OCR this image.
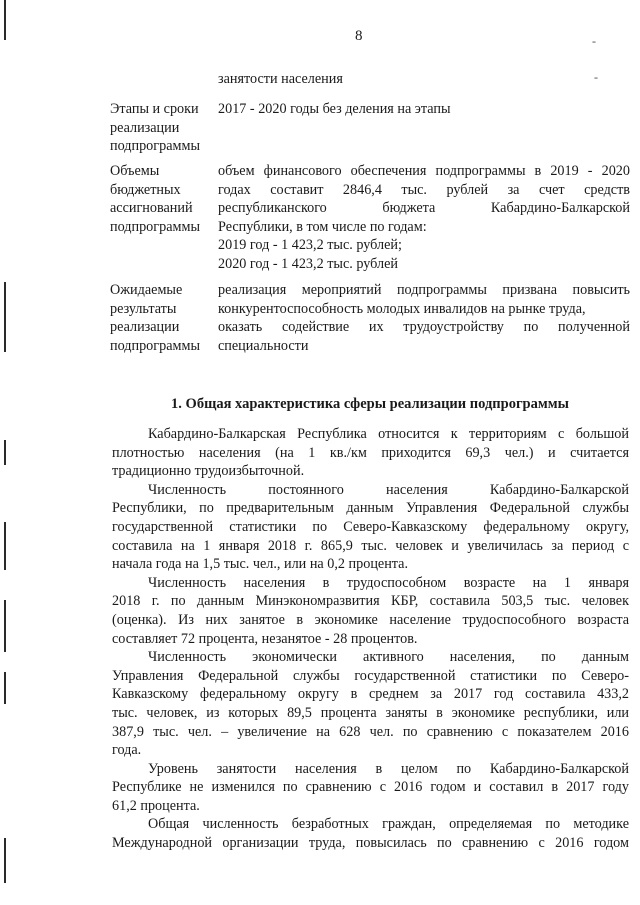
8	-
-
занятости населения
Этапы и сроки
реализации
подпрограммы
2017 - 2020 годы без деления на этапы
Объемы
бюджетных
ассигнований
подпрограммы
объем финансового обеспечения подпрограммы в 2019 - 2020
годах составит 2846,4 тыс. рублей за счет средств
республиканского бюджета Кабардино-Балкарской
Республики, в том числе по годам:
2019 год - 1 423,2 тыс. рублей;
2020 год - 1 423,2 тыс. рублей
Ожидаемые
результаты
реализации
подпрограммы
реализация мероприятий подпрограммы призвана повысить
конкурентоспособность молодых инвалидов на рынке труда,
оказать содействие их трудоустройству по полученной
специальности
1. Общая характеристика сферы реализации подпрограммы
Кабардино-Балкарская Республика относится к территориям с большой
плотностью населения (на 1 кв./км приходится 69,3 чел.) и считается
традиционно трудоизбыточной.
Численность постоянного населения Кабардино-Балкарской
Республики, по предварительным данным Управления Федеральной службы
государственной статистики по Северо-Кавказскому федеральному округу,
составила на 1 января 2018 г. 865,9 тыс. человек и увеличилась за период с
начала года на 1,5 тыс. чел., или на 0,2 процента.
Численность населения в трудоспособном возрасте на 1 января
2018 г. по данным Минэкономразвития КБР, составила 503,5 тыс. человек
(оценка). Из них занятое в экономике население трудоспособного возраста
составляет 72 процента, незанятое - 28 процентов.
Численность экономически активного населения, по данным
Управления Федеральной службы государственной статистики по Северо-
Кавказскому федеральному округу в среднем за 2017 год составила 433,2
тыс. человек, из которых 89,5 процента заняты в экономике республики, или
387,9 тыс. чел. – увеличение на 628 чел. по сравнению с показателем 2016
года.
Уровень занятости населения в целом по Кабардино-Балкарской
Республике не изменился по сравнению с 2016 годом и составил в 2017 году
61,2 процента.
Общая численность безработных граждан, определяемая по методике
Международной организации труда, повысилась по сравнению с 2016 годом
